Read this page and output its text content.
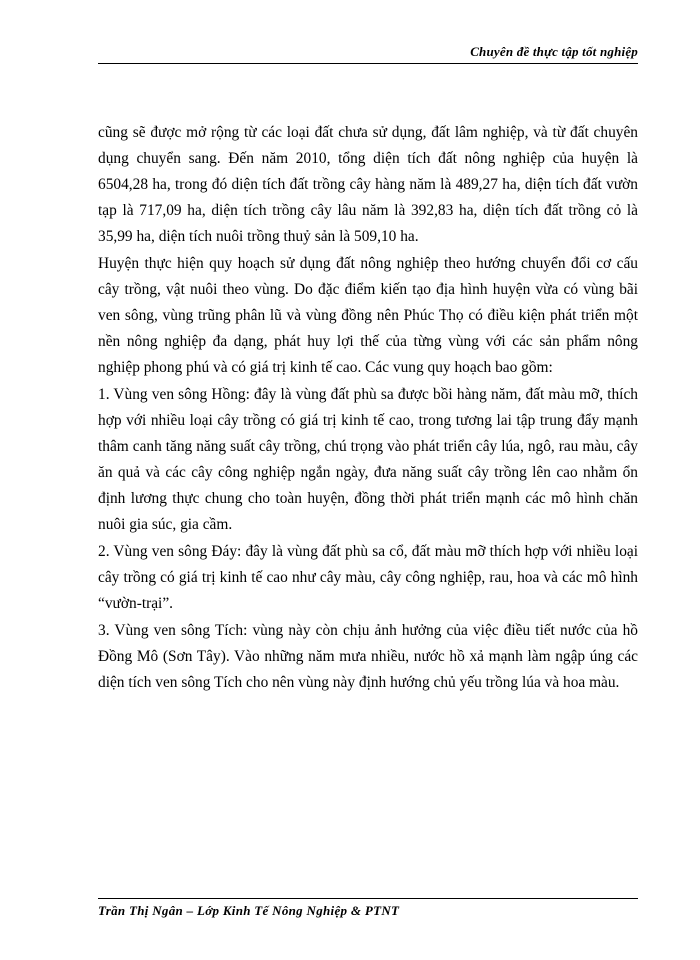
Chuyên đề thực tập tốt nghiệp

cũng sẽ được mở rộng từ các loại đất chưa sử dụng, đất lâm nghiệp, và từ đất chuyên dụng chuyển sang. Đến năm 2010, tổng diện tích đất nông nghiệp của huyện là 6504,28 ha, trong đó diện tích đất trồng cây hàng năm là 489,27 ha, diện tích đất vườn tạp là 717,09 ha, diện tích trồng cây lâu năm là 392,83 ha, diện tích đất trồng cỏ là 35,99 ha, diện tích nuôi trồng thuỷ sản là 509,10 ha.

Huyện thực hiện quy hoạch sử dụng đất nông nghiệp theo hướng chuyển đổi cơ cấu cây trồng, vật nuôi theo vùng. Do đặc điểm kiến tạo địa hình huyện vừa có vùng bãi ven sông, vùng trũng phân lũ và vùng đồng nên Phúc Thọ có điều kiện phát triển một nền nông nghiệp đa dạng, phát huy lợi thế của từng vùng với các sản phẩm nông nghiệp phong phú và có giá trị kinh tế cao. Các vung quy hoạch bao gồm:

1. Vùng ven sông Hồng: đây là vùng đất phù sa được bồi hàng năm, đất màu mỡ, thích hợp với nhiều loại cây trồng có giá trị kinh tế cao, trong tương lai tập trung đẩy mạnh thâm canh tăng năng suất cây trồng, chú trọng vào phát triển cây lúa, ngô, rau màu, cây ăn quả và các cây công nghiệp ngắn ngày, đưa năng suất cây trồng lên cao nhằm ổn định lương thực chung cho toàn huyện, đồng thời phát triển mạnh các mô hình chăn nuôi gia súc, gia cầm.

2. Vùng ven sông Đáy: đây là vùng đất phù sa cổ, đất màu mỡ thích hợp với nhiều loại cây trồng có giá trị kinh tế cao như cây màu, cây công nghiệp, rau, hoa và các mô hình “vườn-trại”.

3. Vùng ven sông Tích: vùng này còn chịu ảnh hưởng của việc điều tiết nước của hồ Đồng Mô (Sơn Tây). Vào những năm mưa nhiều, nước hồ xả mạnh làm ngập úng các diện tích ven sông Tích cho nên vùng này định hướng chủ yếu trồng lúa và hoa màu.

Trần Thị Ngân – Lớp Kinh Tế Nông Nghiệp & PTNT
